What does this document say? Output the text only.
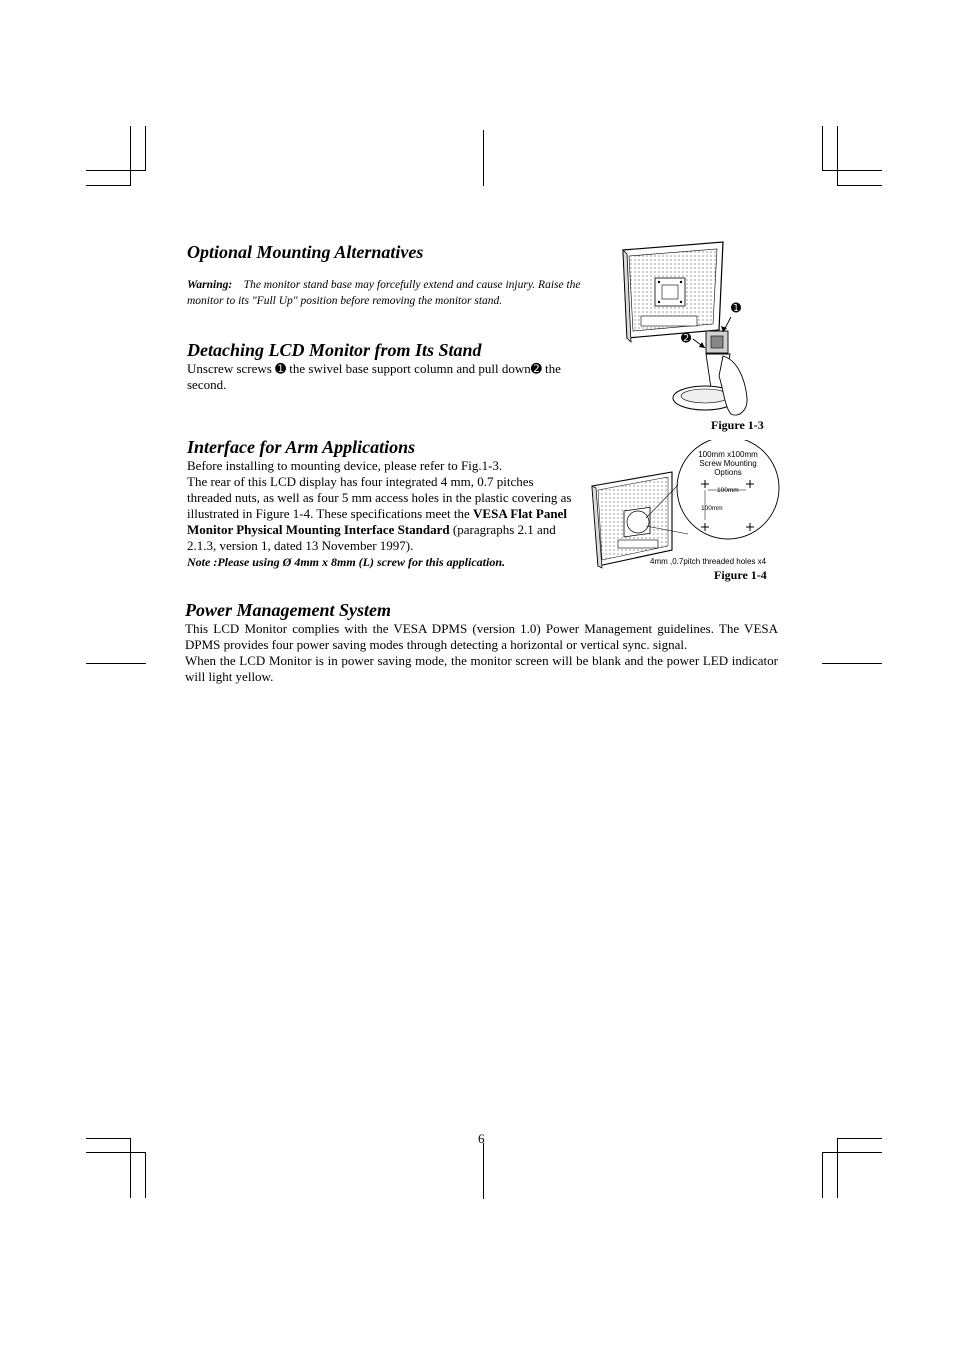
Optional Mounting Alternatives

Warning: The monitor stand base may forcefully extend and cause injury. Raise the monitor to its "Full Up" position before removing the monitor stand.

Detaching LCD Monitor from Its Stand

Unscrew screws ➊ the swivel base support column and pull down➋ the second.

➊
➋
Figure 1-3
Interface for Arm Applications
Before installing to mounting device, please refer to Fig.1-3.
The rear of this LCD display has four integrated 4 mm, 0.7 pitches threaded nuts, as well as four 5 mm access holes in the plastic covering as illustrated in Figure 1-4. These specifications meet the VESA Flat Panel Monitor Physical Mounting Interface Standard (paragraphs 2.1 and 2.1.3, version 1, dated 13 November 1997).
Note :Please using Ø 4mm x 8mm (L) screw for this application.
100mm x100mm
Screw Mounting
Options
100mm
100mm
4mm ,0.7pitch threaded holes x4
Figure 1-4
Power Management System

This LCD Monitor complies with the VESA DPMS (version 1.0) Power Management guidelines. The VESA DPMS provides four power saving modes through detecting a horizontal or vertical sync. signal.

When the LCD Monitor is in power saving mode, the monitor screen will be blank and the power LED indicator will light yellow.

6
